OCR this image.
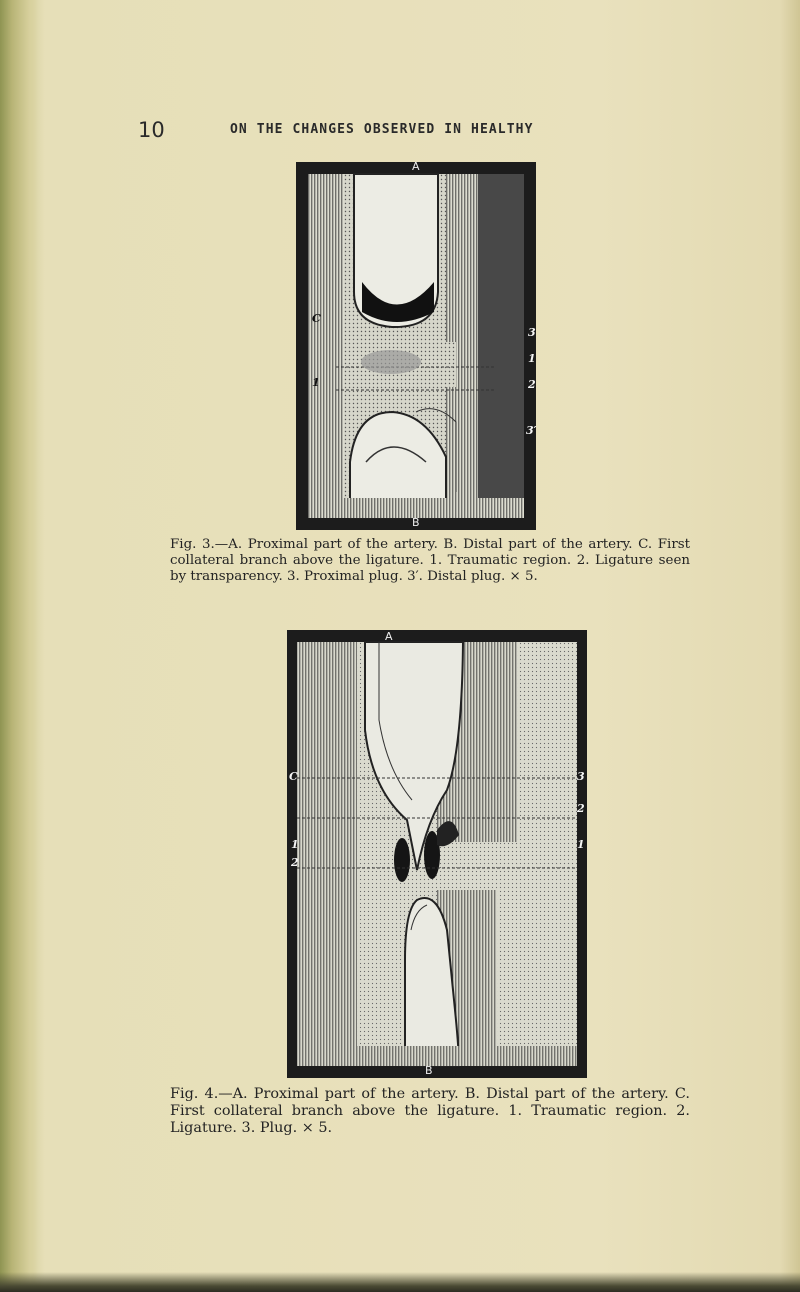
10	ON THE CHANGES OBSERVED IN HEALTHY
A
B
C
1
3
1
2
3′
Fig. 3.—A. Proximal part of the artery. B. Distal part of the artery. C. First collateral branch above the ligature. 1. Traumatic region. 2. Ligature seen by transparency. 3. Proximal plug. 3′. Distal plug. × 5.
A
B
C
1
2
3
2
1
Fig. 4.—A. Proximal part of the artery. B. Distal part of the artery. C. First collateral branch above the ligature. 1. Traumatic region. 2. Ligature. 3. Plug. × 5.
